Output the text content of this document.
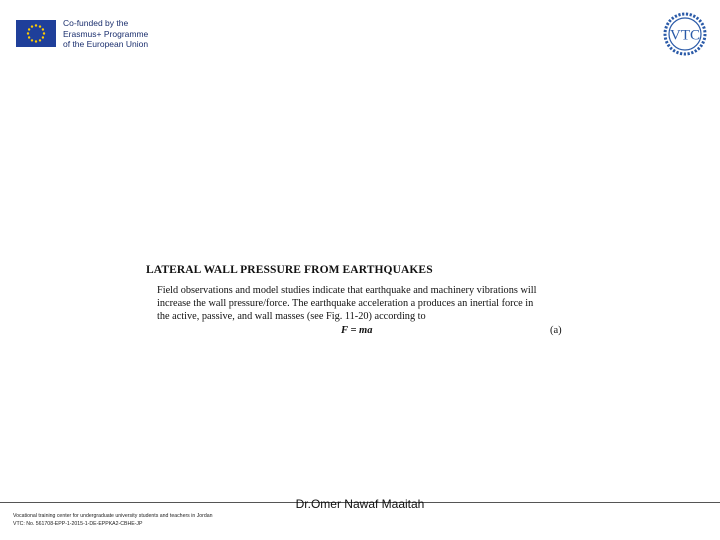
Co-funded by the
Erasmus+ Programme
of the European Union
VTC
LATERAL WALL PRESSURE FROM EARTHQUAKES
Field observations and model studies indicate that earthquake and machinery vibrations will
increase the wall pressure/force. The earthquake acceleration a produces an inertial force in
the active, passive, and wall masses (see Fig. 11-20) according to
F = ma	(a)
Dr.Omer Nawaf Maaitah
Vocational training center for undergraduate university students and teachers in Jordan
VTC: No. 561708-EPP-1-2015-1-DE-EPPKA2-CBHE-JP
